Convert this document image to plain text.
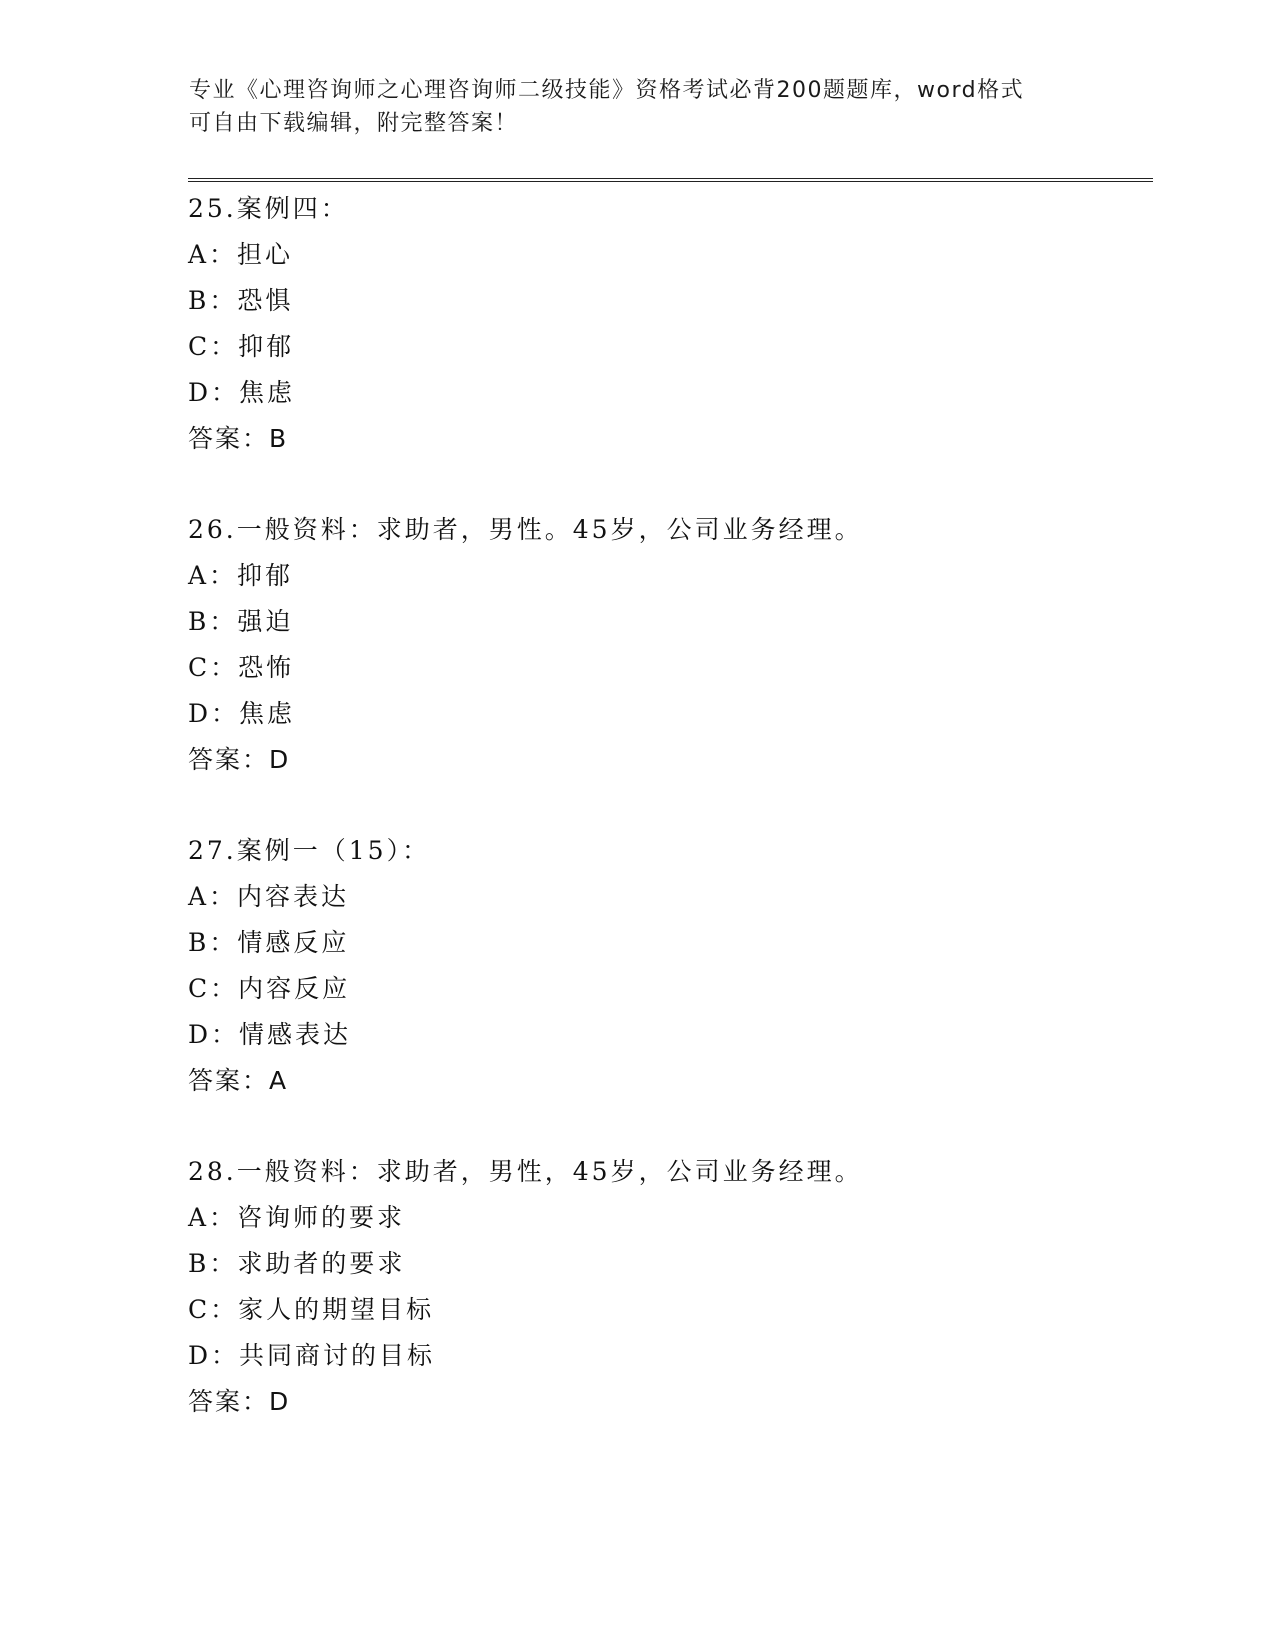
专业《心理咨询师之心理咨询师二级技能》资格考试必背200题题库，word格式
可自由下载编辑，附完整答案！
25.案例四：
A：担心
B：恐惧
C：抑郁
D：焦虑
答案：B
26.一般资料：求助者，男性。45岁，公司业务经理。
A：抑郁
B：强迫
C：恐怖
D：焦虑
答案：D
27.案例一（15）：
A：内容表达
B：情感反应
C：内容反应
D：情感表达
答案：A
28.一般资料：求助者，男性，45岁，公司业务经理。
A：咨询师的要求
B：求助者的要求
C：家人的期望目标
D：共同商讨的目标
答案：D
